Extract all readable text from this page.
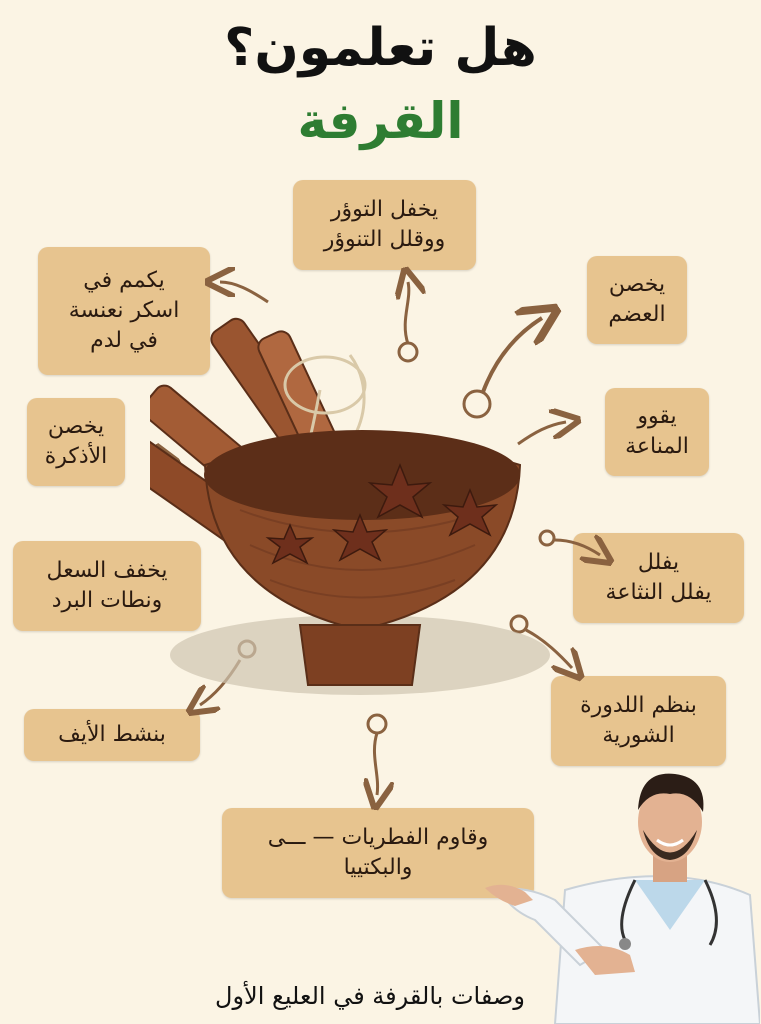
هل تعلمون؟
القرفة
يخفل التوؤر
ووقلل التنوؤر
يكمم في
اسكر نعنسة
في لدم
يخصن
العضم
يخصن
الأذكرة
يقوو
المناعة
يخفف السعل
ونطات البرد
يفلل
يفلل النثاعة
بنظم اللدورة
الشورية
بنشط الأيف
وقاوم الفطريات — ـــى
والبكتييا
وصفات بالقرفة في العليع الأول
